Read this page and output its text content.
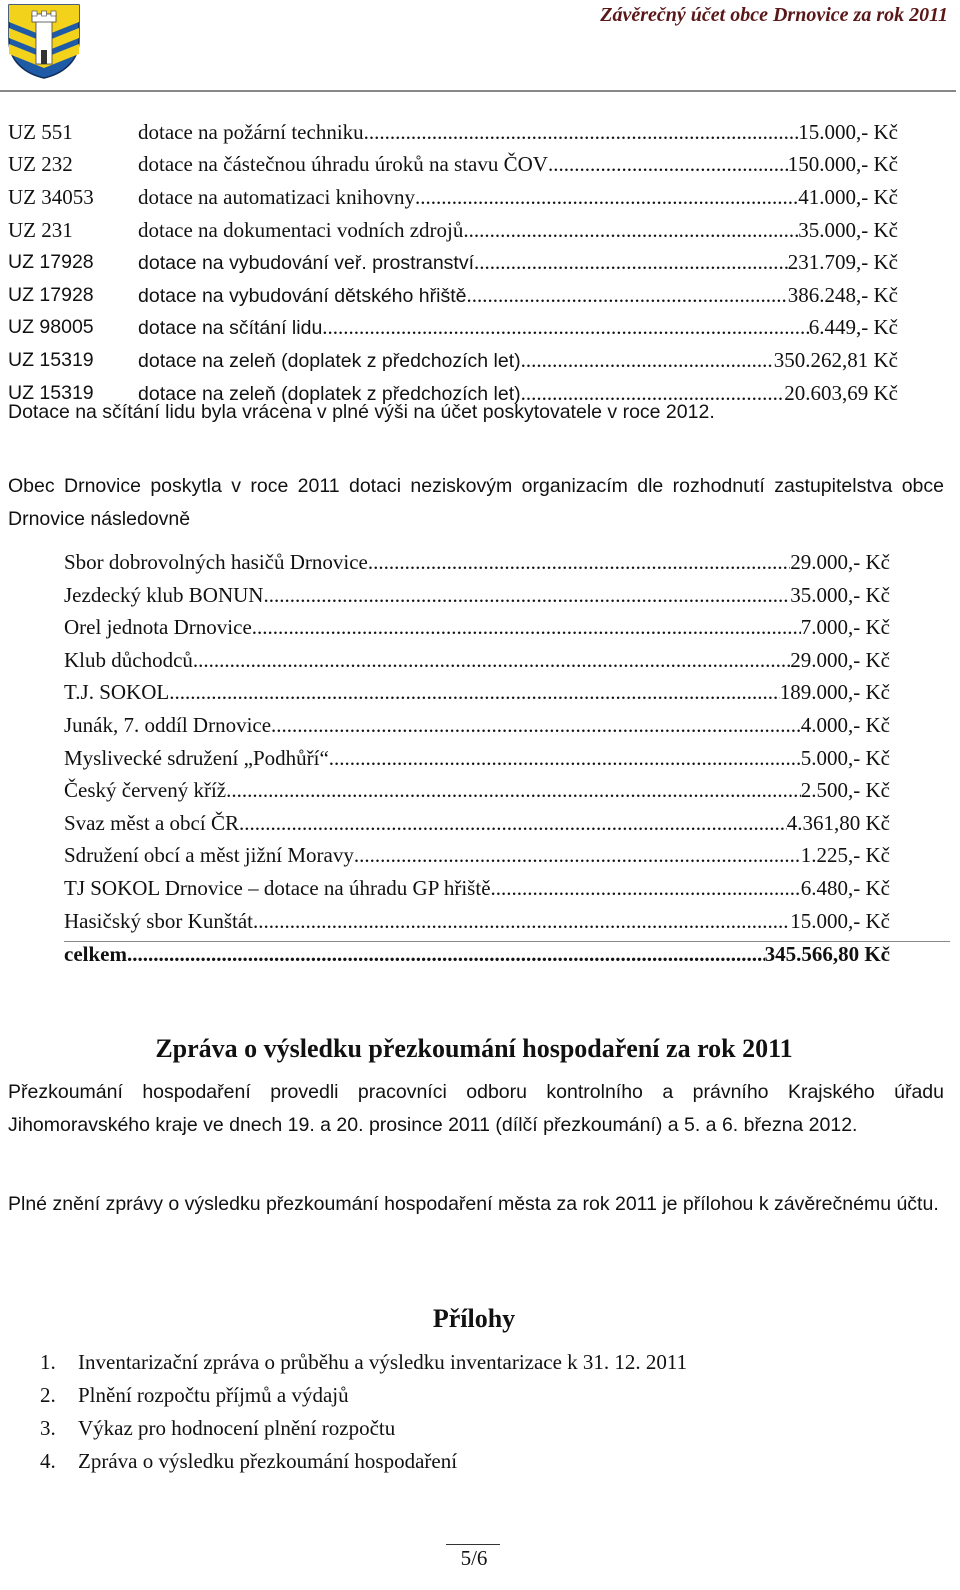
Závěrečný účet obce Drnovice za rok 2011
UZ 551	dotace na požární techniku .....	15.000,- Kč
UZ 232	dotace na částečnou úhradu úroků na stavu ČOV .....	150.000,- Kč
UZ 34053	dotace na automatizaci knihovny .....	41.000,- Kč
UZ 231	dotace na dokumentaci vodních zdrojů .....	35.000,- Kč
UZ 17928	dotace na vybudování veř. prostranství .....	231.709,- Kč
UZ 17928	dotace na vybudování dětského hřiště .....	386.248,- Kč
UZ 98005	dotace na sčítání lidu .....	6.449,- Kč
UZ 15319	dotace na zeleň (doplatek z předchozích let) .....	350.262,81 Kč
UZ 15319	dotace na zeleň (doplatek z předchozích let) .....	20.603,69 Kč

Dotace na sčítání lidu byla vrácena v plné výši na účet poskytovatele v roce 2012.

Obec Drnovice poskytla v roce 2011 dotaci neziskovým organizacím dle rozhodnutí zastupitelstva obce Drnovice následovně

Sbor dobrovolných hasičů Drnovice .....	29.000,- Kč
Jezdecký klub BONUN .....	35.000,- Kč
Orel jednota Drnovice .....	7.000,- Kč
Klub důchodců .....	29.000,- Kč
T.J. SOKOL .....	189.000,- Kč
Junák, 7. oddíl Drnovice .....	4.000,- Kč
Myslivecké sdružení „Podhůří“ .....	5.000,- Kč
Český červený kříž .....	2.500,- Kč
Svaz měst a obcí ČR .....	4.361,80 Kč
Sdružení obcí a měst jižní Moravy .....	1.225,- Kč
TJ SOKOL Drnovice – dotace na úhradu GP hřiště .....	6.480,- Kč
Hasičský sbor Kunštát .....	15.000,- Kč
celkem .....	345.566,80 Kč
Zpráva o výsledku přezkoumání hospodaření za rok 2011

Přezkoumání hospodaření provedli pracovníci odboru kontrolního a právního Krajského úřadu Jihomoravského kraje ve dnech 19. a 20. prosince 2011 (dílčí přezkoumání) a 5. a 6. března 2012.

Plné znění zprávy o výsledku přezkoumání hospodaření města za rok 2011 je přílohou k závěrečnému účtu.

Přílohy
1.	Inventarizační zpráva o průběhu a výsledku inventarizace k 31. 12. 2011
2.	Plnění rozpočtu příjmů a výdajů
3.	Výkaz pro hodnocení plnění rozpočtu
4.	Zpráva o výsledku přezkoumání hospodaření
5/6
